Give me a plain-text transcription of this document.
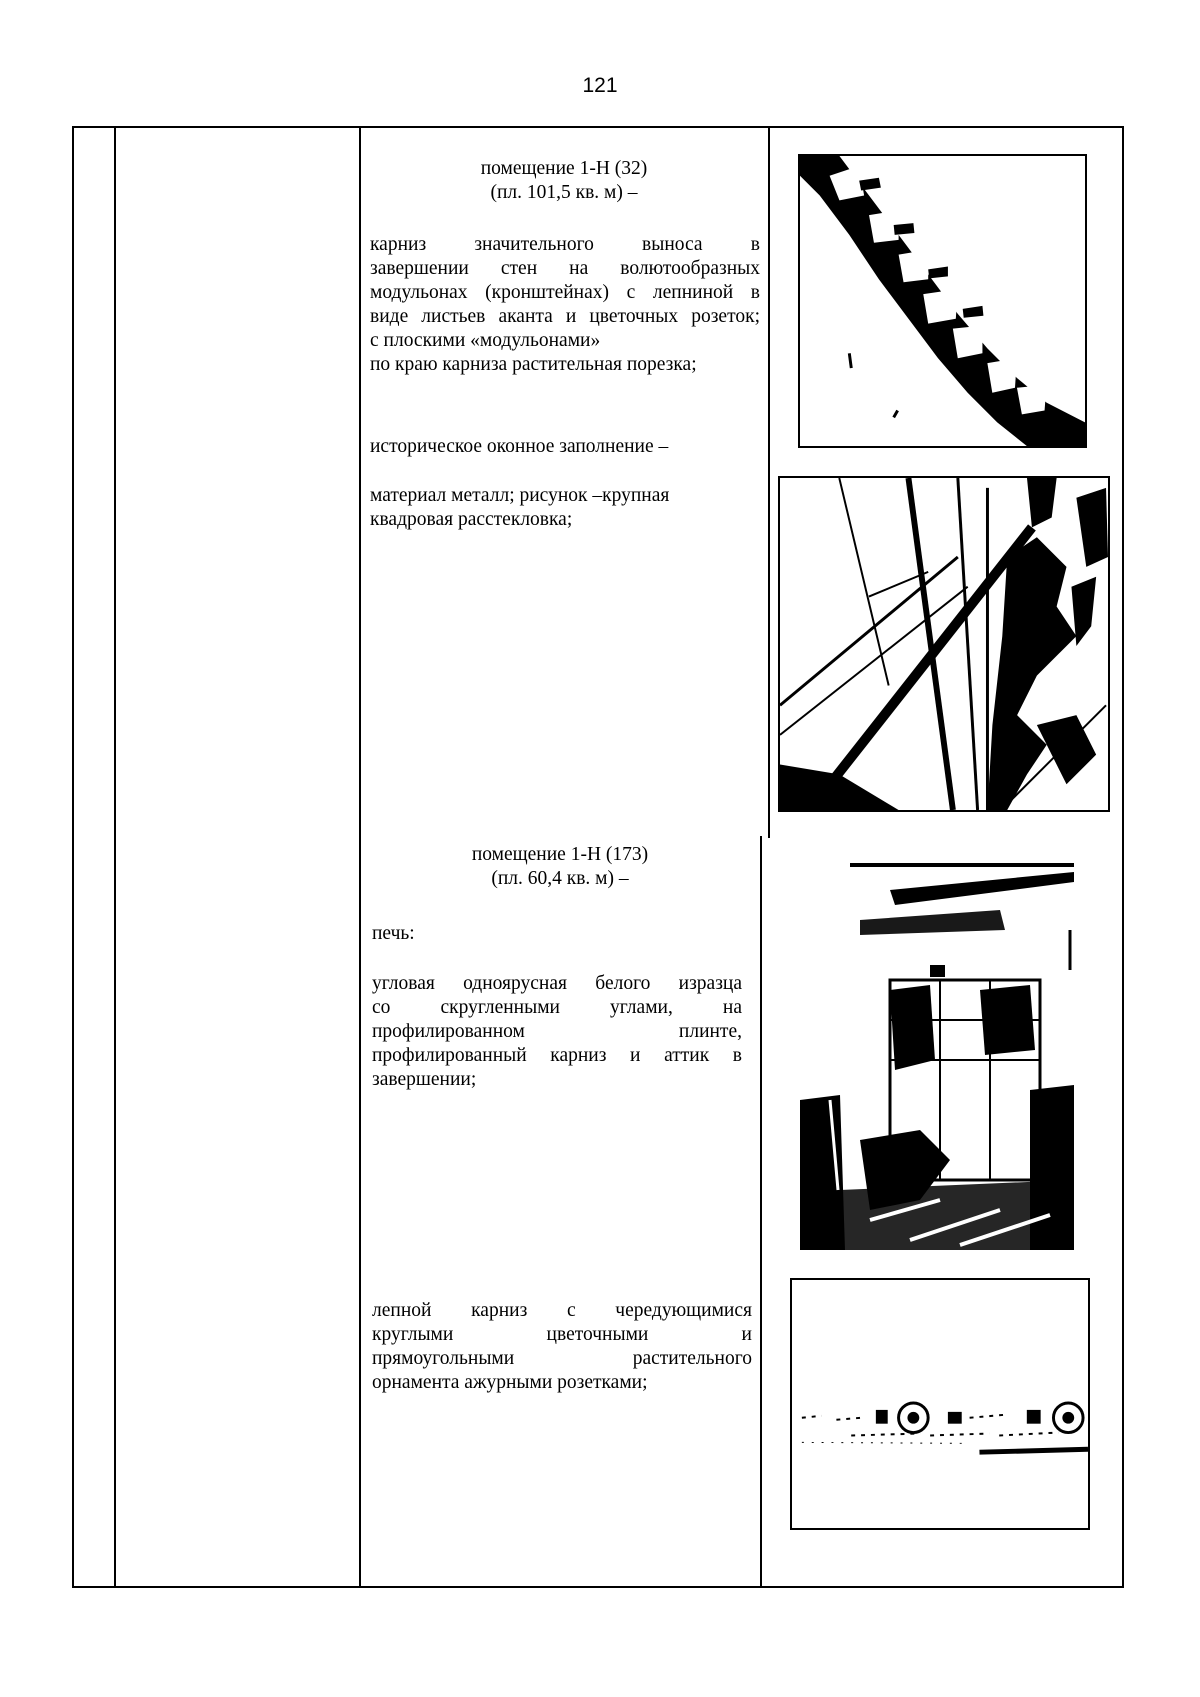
121
помещение 1-Н (32)
(пл. 101,5 кв. м) –
карниз значительного выноса в
завершении стен на волютообразных
модульонах (кронштейнах) с лепниной в
виде листьев аканта и цветочных розеток;
с плоскими «модульонами»
по краю карниза растительная порезка;
историческое оконное заполнение –
материал металл; рисунок –крупная
квадровая расстекловка;
помещение 1-Н (173)
(пл. 60,4 кв. м) –
печь:
угловая одноярусная белого изразца
со скругленными углами, на
профилированном плинте,
профилированный карниз и аттик в
завершении;
лепной карниз с чередующимися
круглыми цветочными и
прямоугольными растительного
орнамента ажурными розетками;
